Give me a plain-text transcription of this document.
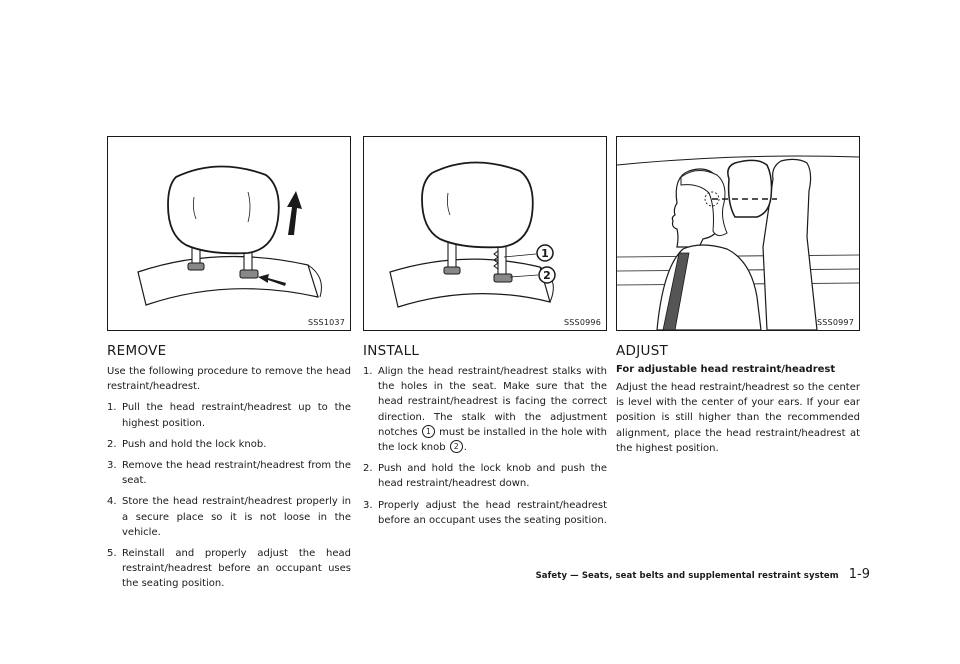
SSS1037
REMOVE

Use the following procedure to remove the head restraint/headrest.

1. Pull the head restraint/headrest up to the highest position.
2. Push and hold the lock knob.
3. Remove the head restraint/headrest from the seat.
4. Store the head restraint/headrest properly in a secure place so it is not loose in the vehicle.
5. Reinstall and properly adjust the head restraint/headrest before an occupant uses the seating position.
1
2
SSS0996
INSTALL
1. Align the head restraint/headrest stalks with the holes in the seat. Make sure that the head restraint/headrest is facing the correct direction. The stalk with the adjustment notches 1 must be installed in the hole with the lock knob 2 .
2. Push and hold the lock knob and push the head restraint/headrest down.
3. Properly adjust the head restraint/headrest before an occupant uses the seating position.
SSS0997
ADJUST
For adjustable head restraint/headrest

Adjust the head restraint/headrest so the center is level with the center of your ears. If your ear position is still higher than the recommended alignment, place the head restraint/headrest at the highest position.

Safety — Seats, seat belts and supplemental restraint system 1-9
